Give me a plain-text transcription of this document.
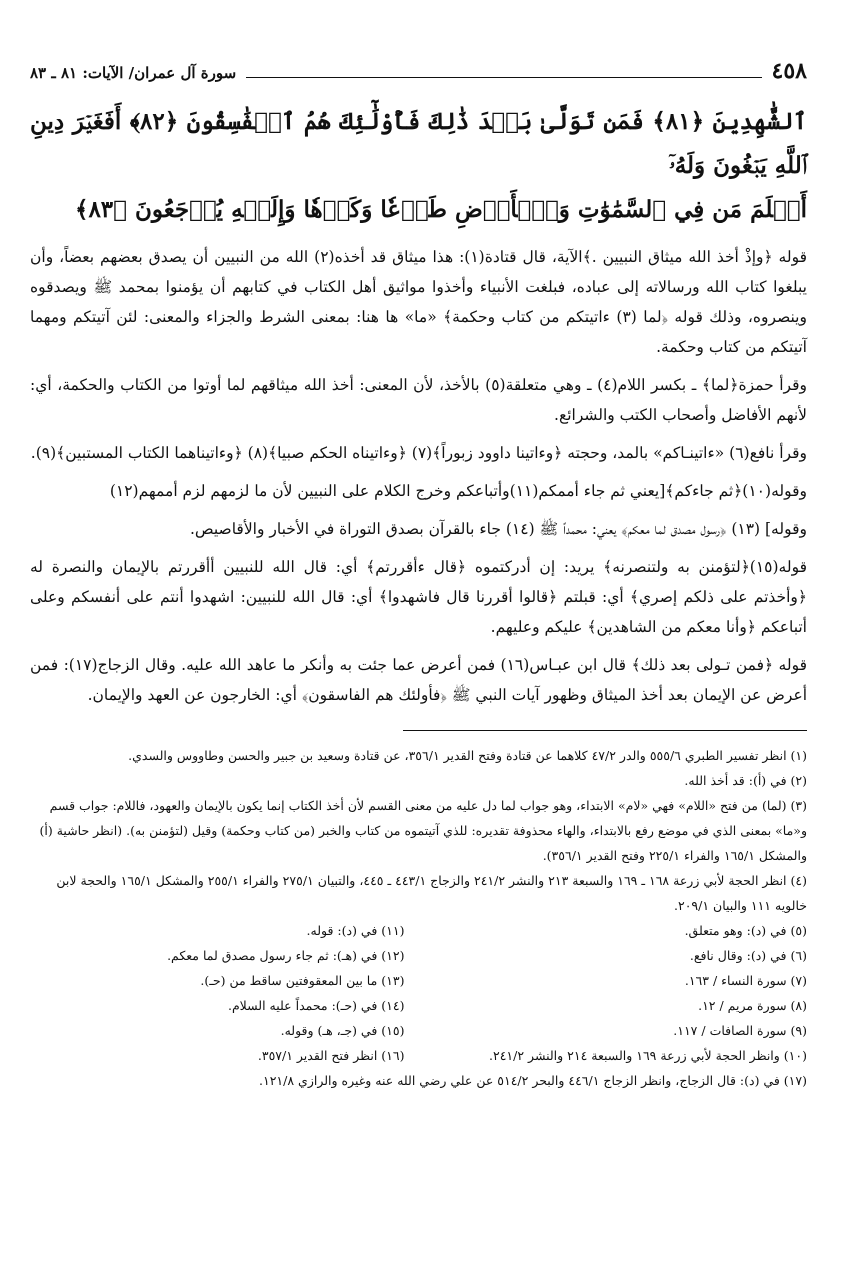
٤٥٨
سورة آل عمران/ الآيات: ٨١ ـ ٨٣
ٱلشَّٰهِدِينَ ﴿٨١﴾ فَمَن تَوَلَّىٰ بَعۡدَ ذَٰلِكَ فَأُوْلَٰٓئِكَ هُمُ ٱلۡفَٰسِقُونَ ﴿٨٢﴾ أَفَغَيۡرَ دِينِ ٱللَّهِ يَبۡغُونَ وَلَهُۥٓ
أَسۡلَمَ مَن فِي ٱلسَّمَٰوَٰتِ وَٱلۡأَرۡضِ طَوۡعٗا وَكَرۡهٗا وَإِلَيۡهِ يُرۡجَعُونَ ﴿٨٣﴾

قوله ﴿وإذْ أخذ الله ميثاق النبيين .﴾الآية، قال قتادة(١): هذا ميثاق قد أخذه(٢) الله من النبيين أن يصدق بعضهم بعضاً، وأن يبلغوا كتاب الله ورسالاته إلى عباده، فبلغت الأنبياء وأخذوا مواثيق أهل الكتاب في كتابهم أن يؤمنوا بمحمد ﷺ ويصدقوه وينصروه، وذلك قوله ﴿لما (٣) ءاتيتكم من كتاب وحكمة﴾ «ما» ها هنا: بمعنى الشرط والجزاء والمعنى: لئن آتيتكم ومهما آتيتكم من كتاب وحكمة.

وقرأ حمزة﴿لما﴾ ـ بكسر اللام(٤) ـ وهي متعلقة(٥) بالأخذ، لأن المعنى: أخذ الله ميثاقهم لما أوتوا من الكتاب والحكمة، أي: لأنهم الأفاضل وأصحاب الكتب والشرائع.

وقرأ نافع(٦) «ءاتينـاكم» بالمد، وحجته ﴿وءاتينا داوود زبوراً﴾(٧) ﴿وءاتيناه الحكم صبيا﴾(٨) ﴿وءاتيناهما الكتاب المستبين﴾(٩).

وقوله(١٠)﴿ثم جاءكم﴾[يعني ثم جاء أممكم(١١)وأتباعكم وخرج الكلام على النبيين لأن ما لزمهم لزم أممهم(١٢)

وقوله] (١٣) ﴿رسول مصدق لما معكم﴾ يعني: محمداً ﷺ (١٤) جاء بالقرآن بصدق التوراة في الأخبار والأقاصيص.

قوله(١٥)﴿لتؤمنن به ولتنصرنه﴾ يريد: إن أدركتموه ﴿قال ءأقررتم﴾ أي: قال الله للنبيين أأقررتم بالإيمان والنصرة له ﴿وأخذتم على ذلكم إصري﴾ أي: قبلتم ﴿قالوا أقررنا قال فاشهدوا﴾ أي: قال الله للنبيين: اشهدوا أنتم على أنفسكم وعلى أتباعكم ﴿وأنا معكم من الشاهدين﴾ عليكم وعليهم.

قوله ﴿فمن تـولى بعد ذلك﴾ قال ابن عبـاس(١٦) فمن أعرض عما جئت به وأنكر ما عاهد الله عليه. وقال الزجاج(١٧): فمن أعرض عن الإيمان بعد أخذ الميثاق وظهور آيات النبي ﷺ ﴿فأولئك هم الفاسقون﴾ أي: الخارجون عن العهد والإيمان.

(١) انظر تفسير الطبري ٥٥٥/٦ والدر ٤٧/٢ كلاهما عن قتادة وفتح القدير ٣٥٦/١، عن قتادة وسعيد بن جبير والحسن وطاووس والسدي.

(٢) في (أ): قد أخذ الله.

(٣) (لما) من فتح «اللام» فهي «لام» الابتداء، وهو جواب لما دل عليه من معنى القسم لأن أخذ الكتاب إنما يكون بالإيمان والعهود، فاللام: جواب قسم و«ما» بمعنى الذي في موضع رفع بالابتداء، والهاء محذوفة تقديره: للذي آتيتموه من كتاب والخبر (من كتاب وحكمة) وقيل (لتؤمنن به). (انظر حاشية (أ) والمشكل ١٦٥/١ والفراء ٢٢٥/١ وفتح القدير ٣٥٦/١).

(٤) انظر الحجة لأبي زرعة ١٦٨ ـ ١٦٩ والسبعة ٢١٣ والنشر ٢٤١/٢ والزجاج ٤٤٣/١ ـ ٤٤٥، والتبيان ٢٧٥/١ والفراء ٢٥٥/١ والمشكل ١٦٥/١ والحجة لابن خالويه ١١١ والبيان ٢٠٩/١.

(٥) في (د): وهو متعلق.

(١١) في (د): قوله.

(٦) في (د): وقال نافع.

(١٢) في (هـ): ثم جاء رسول مصدق لما معكم.

(٧) سورة النساء / ١٦٣.

(١٣) ما بين المعقوفتين ساقط من (حـ).

(٨) سورة مريم / ١٢.

(١٤) في (حـ): محمداً عليه السلام.

(٩) سورة الصافات / ١١٧.

(١٥) في (جـ، هـ) وقوله.

(١٠) وانظر الحجة لأبي زرعة ١٦٩ والسبعة ٢١٤ والنشر ٢٤١/٢.

(١٦) انظر فتح القدير ٣٥٧/١.

(١٧) في (د): قال الزجاج، وانظر الزجاج ٤٤٦/١ والبحر ٥١٤/٢ عن علي رضي الله عنه وغيره والرازي ١٢١/٨.
